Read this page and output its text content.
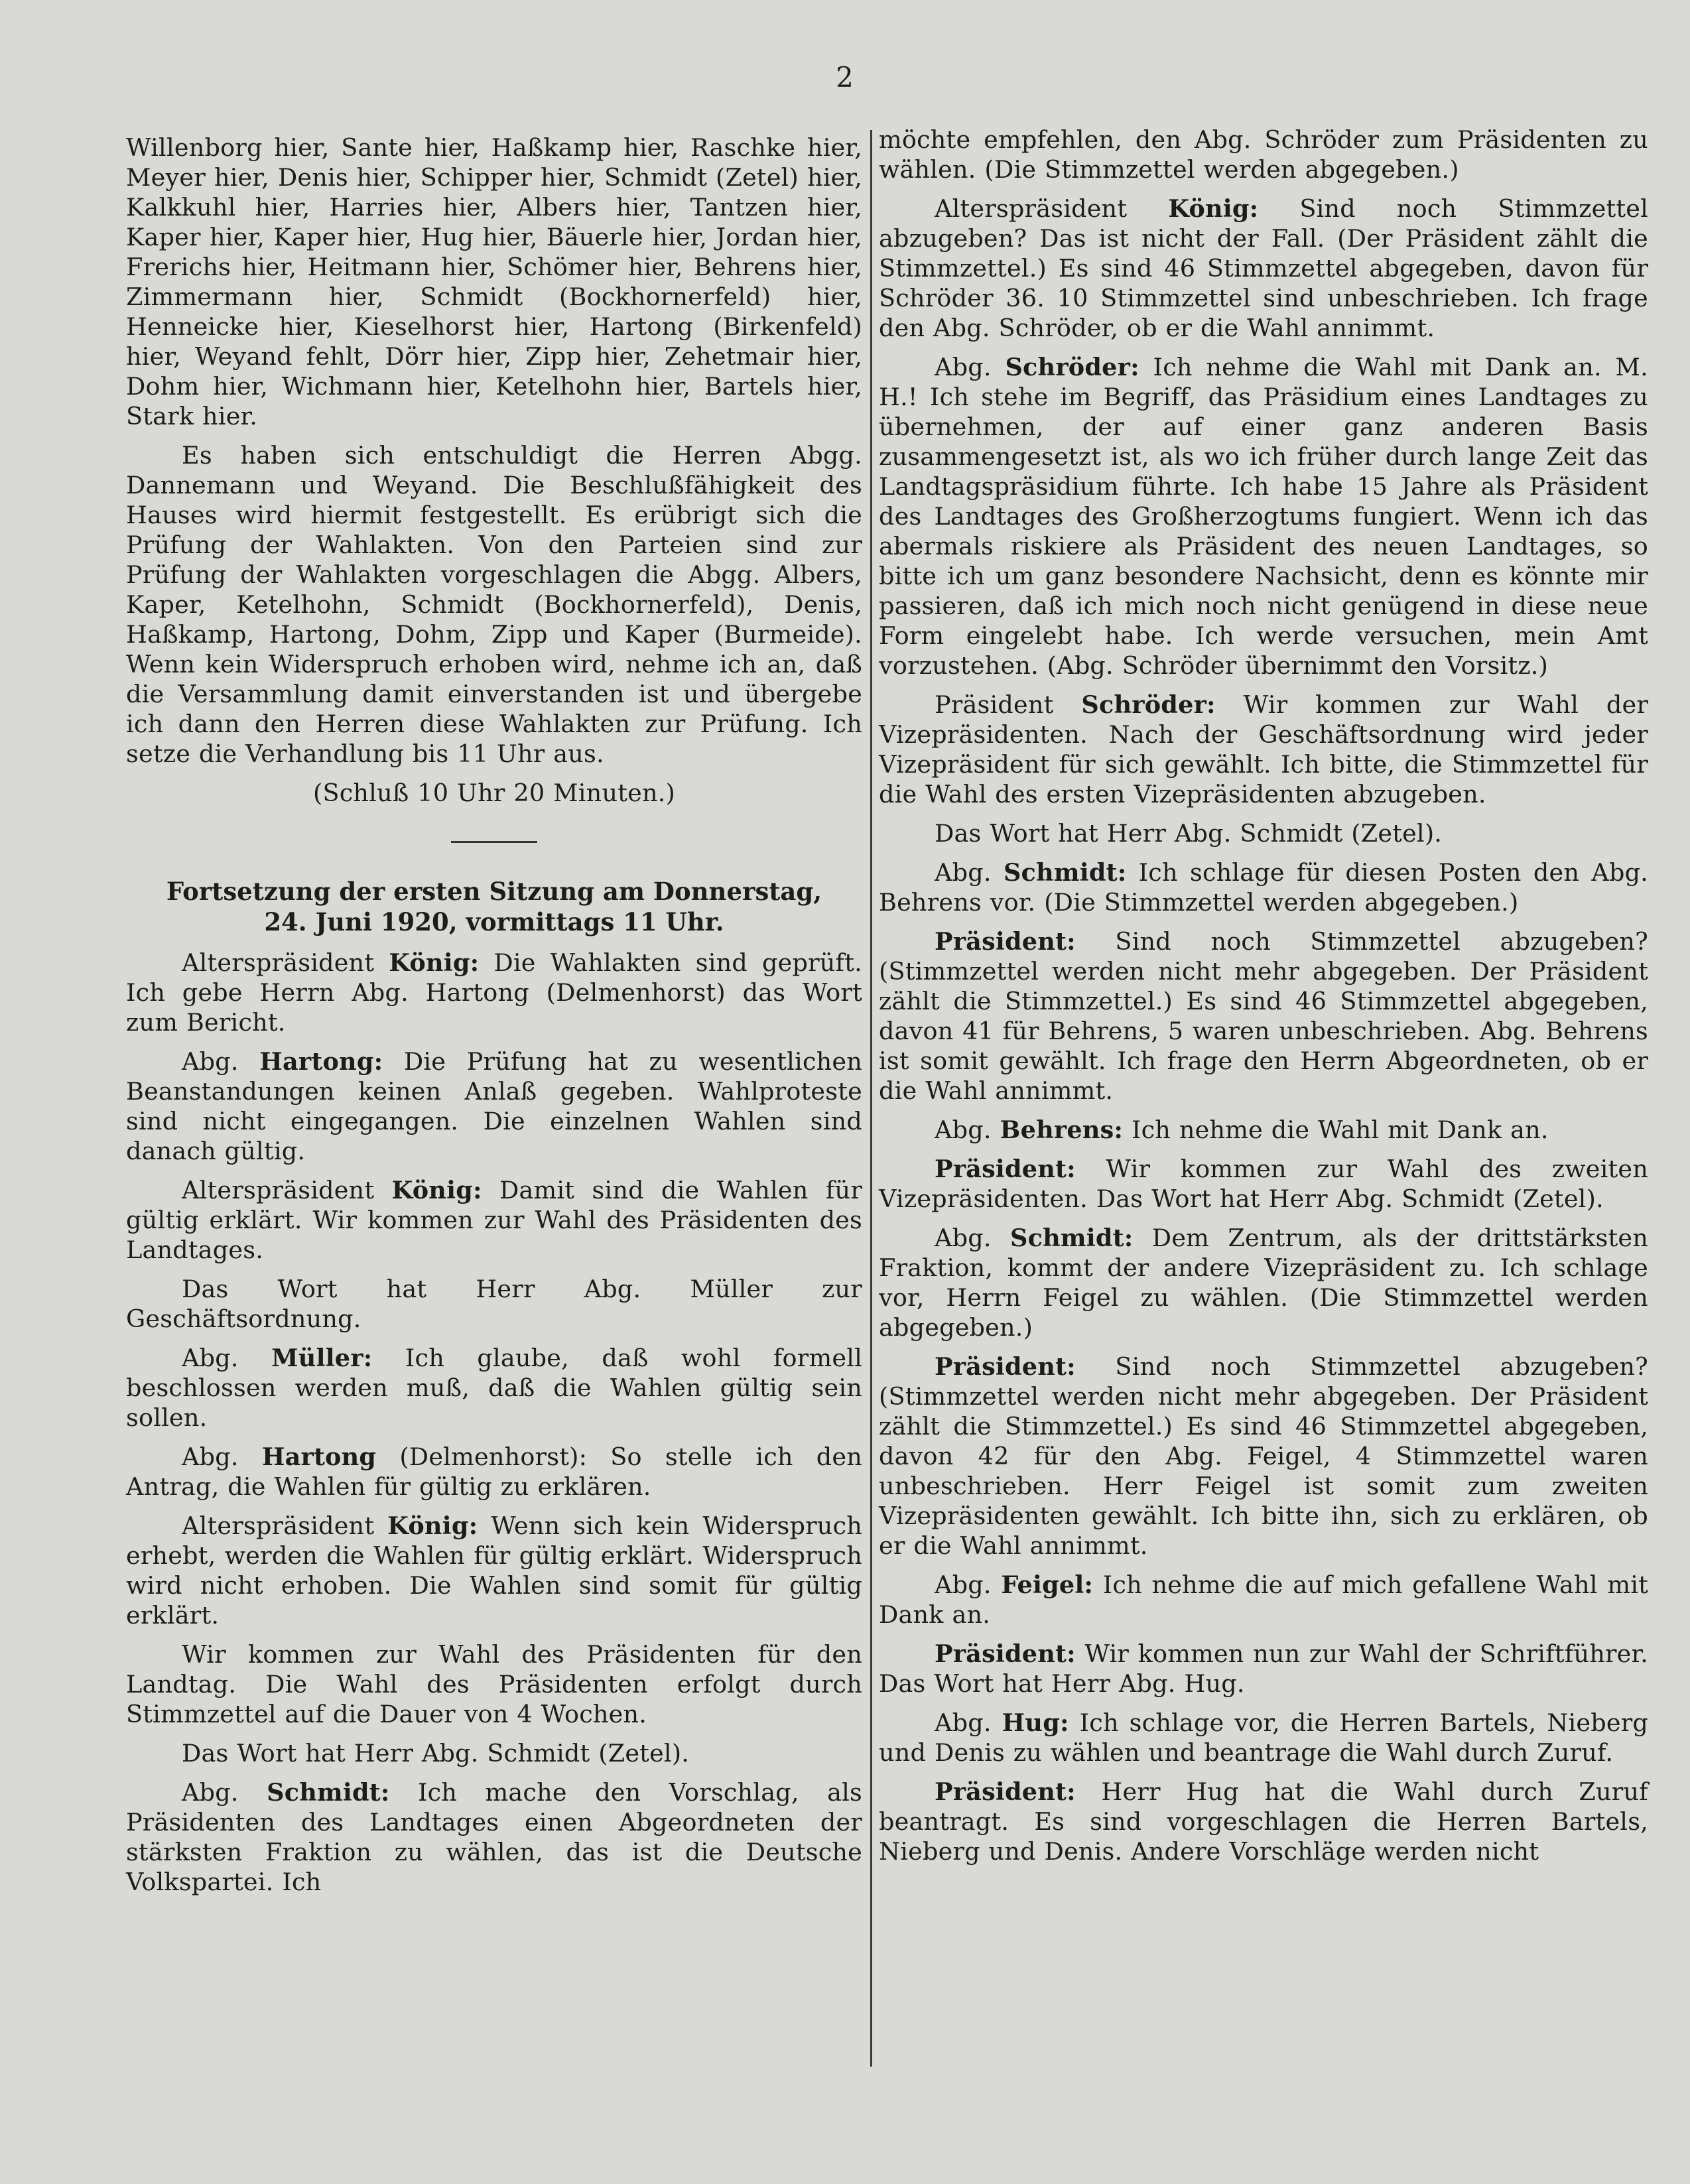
2

Willenborg hier, Sante hier, Haßkamp hier, Raschke hier, Meyer hier, Denis hier, Schipper hier, Schmidt (Zetel) hier, Kalkkuhl hier, Harries hier, Albers hier, Tantzen hier, Kaper hier, Kaper hier, Hug hier, Bäuerle hier, Jordan hier, Frerichs hier, Heitmann hier, Schömer hier, Behrens hier, Zimmermann hier, Schmidt (Bockhornerfeld) hier, Henneicke hier, Kieselhorst hier, Hartong (Birkenfeld) hier, Weyand fehlt, Dörr hier, Zipp hier, Zehetmair hier, Dohm hier, Wichmann hier, Ketelhohn hier, Bartels hier, Stark hier.

Es haben sich entschuldigt die Herren Abgg. Dannemann und Weyand. Die Beschlußfähigkeit des Hauses wird hiermit festgestellt. Es erübrigt sich die Prüfung der Wahlakten. Von den Parteien sind zur Prüfung der Wahlakten vorgeschlagen die Abgg. Albers, Kaper, Ketelhohn, Schmidt (Bockhornerfeld), Denis, Haßkamp, Hartong, Dohm, Zipp und Kaper (Burmeide). Wenn kein Widerspruch erhoben wird, nehme ich an, daß die Versammlung damit einverstanden ist und übergebe ich dann den Herren diese Wahlakten zur Prüfung. Ich setze die Verhandlung bis 11 Uhr aus.

(Schluß 10 Uhr 20 Minuten.)

Fortsetzung der ersten Sitzung am Donnerstag,
24. Juni 1920, vormittags 11 Uhr.

Alterspräsident König: Die Wahlakten sind geprüft. Ich gebe Herrn Abg. Hartong (Delmenhorst) das Wort zum Bericht.

Abg. Hartong: Die Prüfung hat zu wesentlichen Beanstandungen keinen Anlaß gegeben. Wahlproteste sind nicht eingegangen. Die einzelnen Wahlen sind danach gültig.

Alterspräsident König: Damit sind die Wahlen für gültig erklärt. Wir kommen zur Wahl des Präsidenten des Landtages.

Das Wort hat Herr Abg. Müller zur Geschäftsordnung.

Abg. Müller: Ich glaube, daß wohl formell beschlossen werden muß, daß die Wahlen gültig sein sollen.

Abg. Hartong (Delmenhorst): So stelle ich den Antrag, die Wahlen für gültig zu erklären.

Alterspräsident König: Wenn sich kein Widerspruch erhebt, werden die Wahlen für gültig erklärt. Widerspruch wird nicht erhoben. Die Wahlen sind somit für gültig erklärt.

Wir kommen zur Wahl des Präsidenten für den Landtag. Die Wahl des Präsidenten erfolgt durch Stimmzettel auf die Dauer von 4 Wochen.

Das Wort hat Herr Abg. Schmidt (Zetel).

Abg. Schmidt: Ich mache den Vorschlag, als Präsidenten des Landtages einen Abgeordneten der stärksten Fraktion zu wählen, das ist die Deutsche Volkspartei. Ich

möchte empfehlen, den Abg. Schröder zum Präsidenten zu wählen. (Die Stimmzettel werden abgegeben.)

Alterspräsident König: Sind noch Stimmzettel abzugeben? Das ist nicht der Fall. (Der Präsident zählt die Stimmzettel.) Es sind 46 Stimmzettel abgegeben, davon für Schröder 36. 10 Stimmzettel sind unbeschrieben. Ich frage den Abg. Schröder, ob er die Wahl annimmt.

Abg. Schröder: Ich nehme die Wahl mit Dank an. M. H.! Ich stehe im Begriff, das Präsidium eines Landtages zu übernehmen, der auf einer ganz anderen Basis zusammengesetzt ist, als wo ich früher durch lange Zeit das Landtagspräsidium führte. Ich habe 15 Jahre als Präsident des Landtages des Großherzogtums fungiert. Wenn ich das abermals riskiere als Präsident des neuen Landtages, so bitte ich um ganz besondere Nachsicht, denn es könnte mir passieren, daß ich mich noch nicht genügend in diese neue Form eingelebt habe. Ich werde versuchen, mein Amt vorzustehen. (Abg. Schröder übernimmt den Vorsitz.)

Präsident Schröder: Wir kommen zur Wahl der Vizepräsidenten. Nach der Geschäftsordnung wird jeder Vizepräsident für sich gewählt. Ich bitte, die Stimmzettel für die Wahl des ersten Vizepräsidenten abzugeben.

Das Wort hat Herr Abg. Schmidt (Zetel).

Abg. Schmidt: Ich schlage für diesen Posten den Abg. Behrens vor. (Die Stimmzettel werden abgegeben.)

Präsident: Sind noch Stimmzettel abzugeben? (Stimmzettel werden nicht mehr abgegeben. Der Präsident zählt die Stimmzettel.) Es sind 46 Stimmzettel abgegeben, davon 41 für Behrens, 5 waren unbeschrieben. Abg. Behrens ist somit gewählt. Ich frage den Herrn Abgeordneten, ob er die Wahl annimmt.

Abg. Behrens: Ich nehme die Wahl mit Dank an.

Präsident: Wir kommen zur Wahl des zweiten Vizepräsidenten. Das Wort hat Herr Abg. Schmidt (Zetel).

Abg. Schmidt: Dem Zentrum, als der drittstärksten Fraktion, kommt der andere Vizepräsident zu. Ich schlage vor, Herrn Feigel zu wählen. (Die Stimmzettel werden abgegeben.)

Präsident: Sind noch Stimmzettel abzugeben? (Stimmzettel werden nicht mehr abgegeben. Der Präsident zählt die Stimmzettel.) Es sind 46 Stimmzettel abgegeben, davon 42 für den Abg. Feigel, 4 Stimmzettel waren unbeschrieben. Herr Feigel ist somit zum zweiten Vizepräsidenten gewählt. Ich bitte ihn, sich zu erklären, ob er die Wahl annimmt.

Abg. Feigel: Ich nehme die auf mich gefallene Wahl mit Dank an.

Präsident: Wir kommen nun zur Wahl der Schriftführer. Das Wort hat Herr Abg. Hug.

Abg. Hug: Ich schlage vor, die Herren Bartels, Nieberg und Denis zu wählen und beantrage die Wahl durch Zuruf.

Präsident: Herr Hug hat die Wahl durch Zuruf beantragt. Es sind vorgeschlagen die Herren Bartels, Nieberg und Denis. Andere Vorschläge werden nicht
